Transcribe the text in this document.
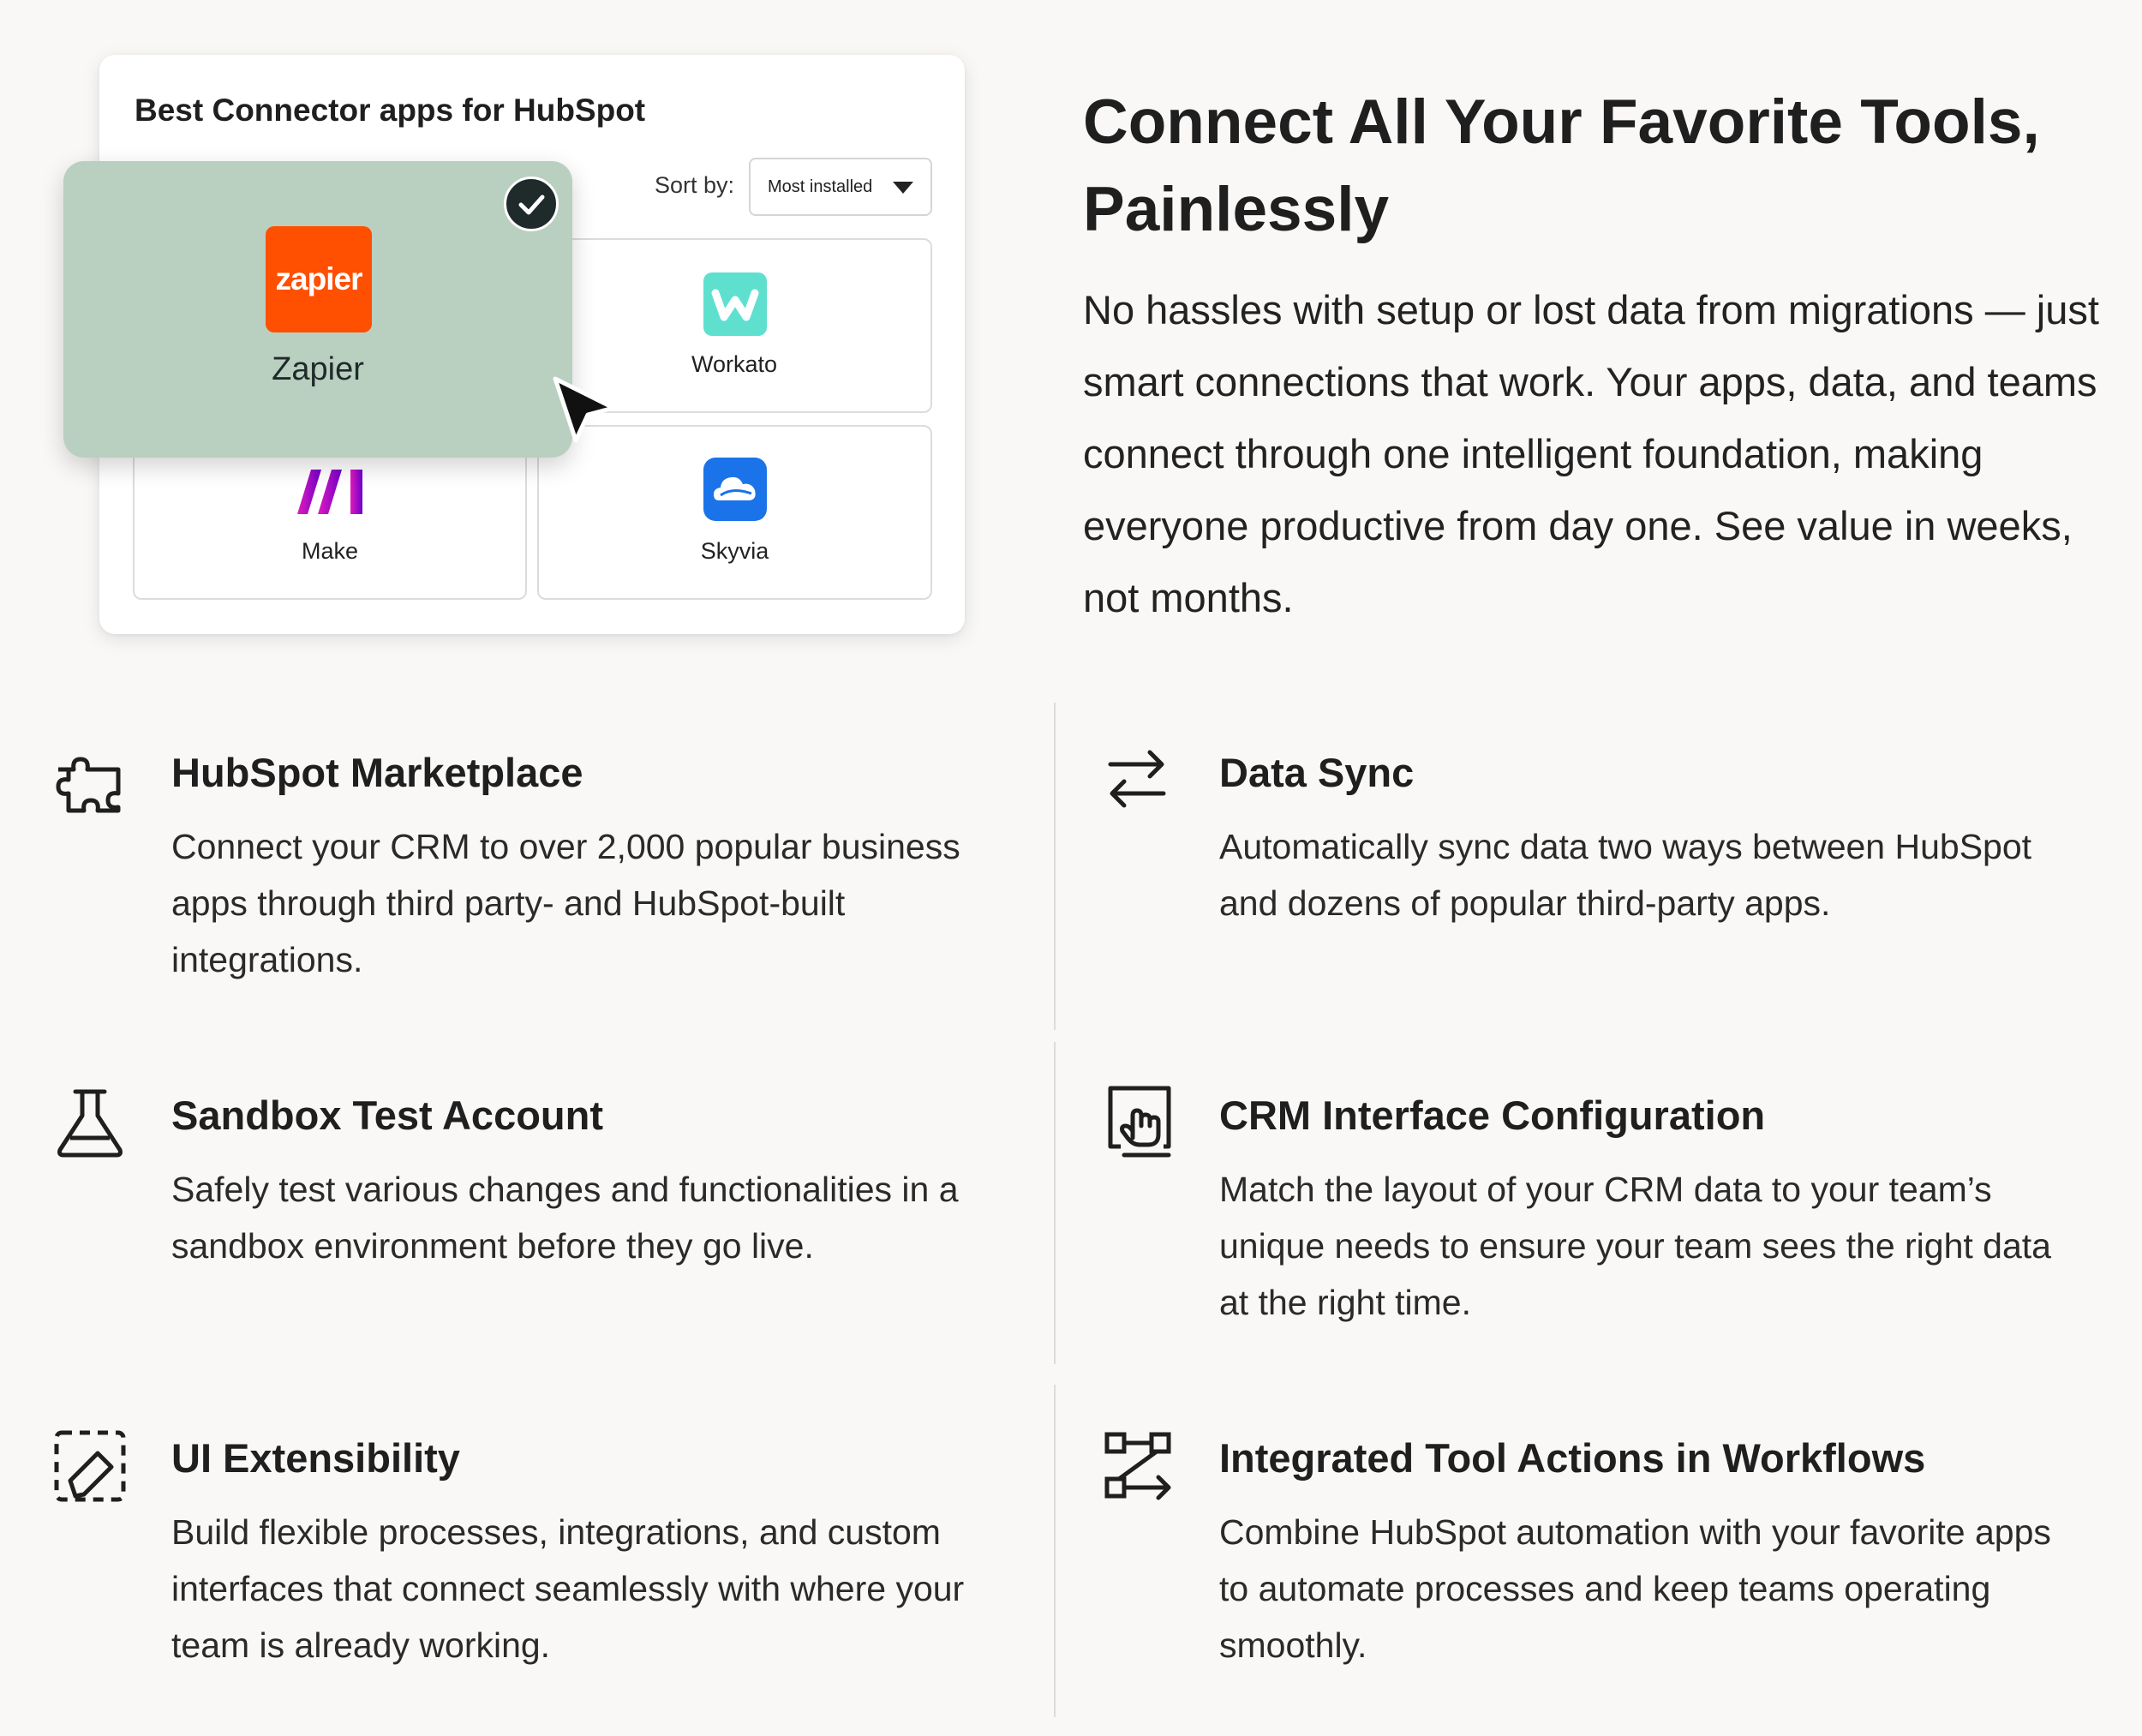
Best Connector apps for HubSpot
Sort by: Most installed
Workato
Make	Skyvia
zapier
Zapier
Connect All Your Favorite Tools, Painlessly

No hassles with setup or lost data from migrations — just smart connections that work. Your apps, data, and teams connect through one intelligent foundation, making everyone productive from day one. See value in weeks, not months.

HubSpot Marketplace
Connect your CRM to over 2,000 popular business apps through third party- and HubSpot-built integrations.
Data Sync
Automatically sync data two ways between HubSpot and dozens of popular third-party apps.
Sandbox Test Account
Safely test various changes and functionalities in a sandbox environment before they go live.
CRM Interface Configuration
Match the layout of your CRM data to your team’s unique needs to ensure your team sees the right data at the right time.
UI Extensibility
Build flexible processes, integrations, and custom interfaces that connect seamlessly with where your team is already working.
Integrated Tool Actions in Workflows
Combine HubSpot automation with your favorite apps to automate processes and keep teams operating smoothly.
